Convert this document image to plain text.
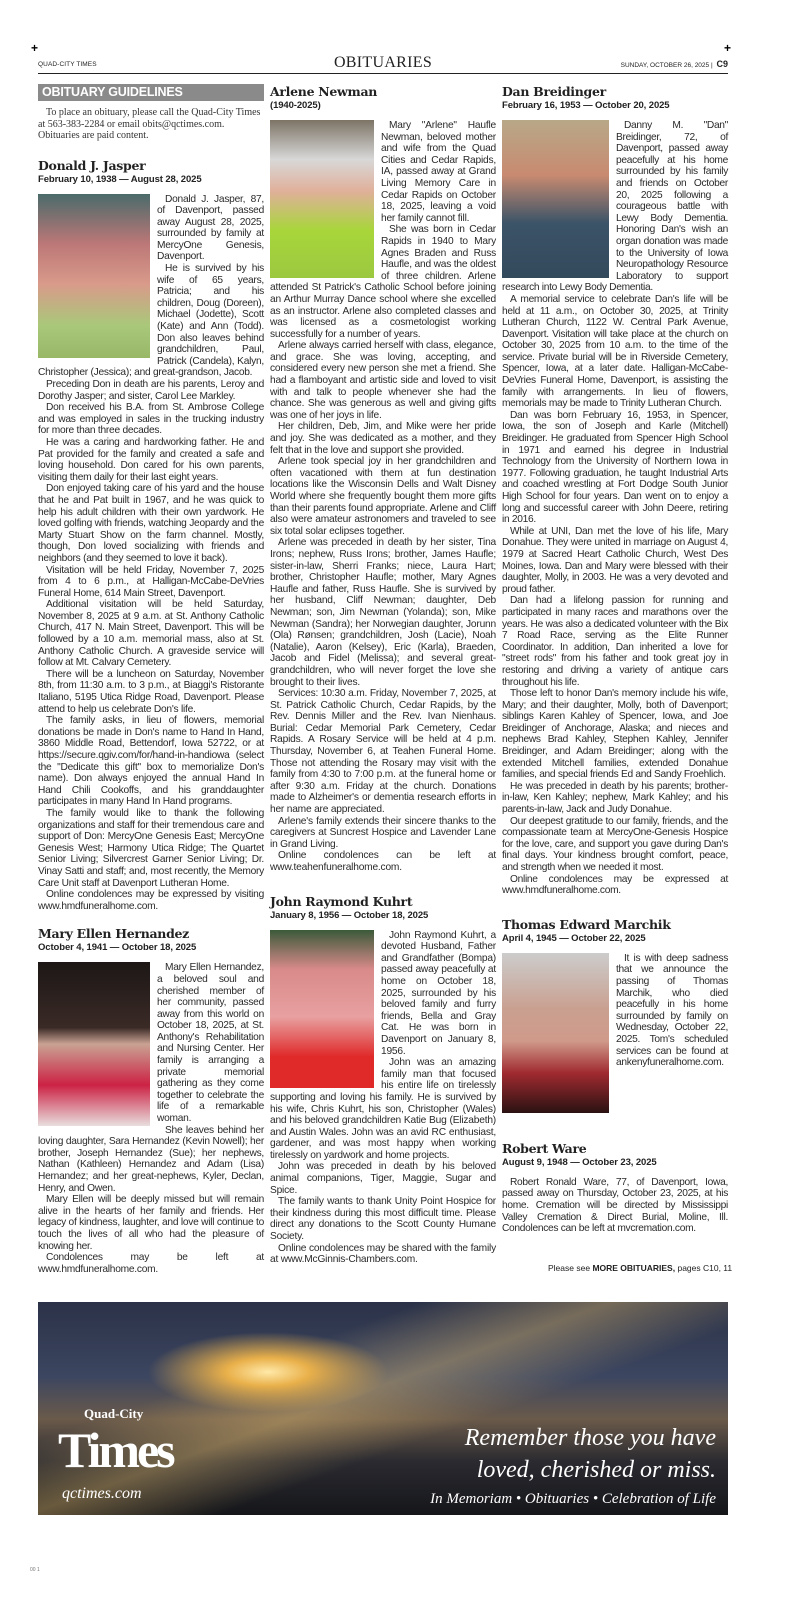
+	+
QUAD-CITY TIMES	OBITUARIES	SUNDAY, OCTOBER 26, 2025 | C9
OBITUARY GUIDELINES

To place an obituary, please call the Quad-City Times at 563-383-2284 or email obits@qctimes.com. Obituaries are paid content.

Donald J. Jasper
February 10, 1938 — August 28, 2025

Donald J. Jasper, 87, of Davenport, passed away August 28, 2025, surrounded by family at MercyOne Genesis, Davenport.

He is survived by his wife of 65 years, Patricia; and his children, Doug (Doreen), Michael (Jodette), Scott (Kate) and Ann (Todd). Don also leaves behind grandchildren, Paul, Patrick (Candela), Kalyn, Christopher (Jessica); and great-grandson, Jacob.

Preceding Don in death are his parents, Leroy and Dorothy Jasper; and sister, Carol Lee Markley.

Don received his B.A. from St. Ambrose College and was employed in sales in the trucking industry for more than three decades.

He was a caring and hardworking father. He and Pat provided for the family and created a safe and loving household. Don cared for his own parents, visiting them daily for their last eight years.

Don enjoyed taking care of his yard and the house that he and Pat built in 1967, and he was quick to help his adult children with their own yardwork. He loved golfing with friends, watching Jeopardy and the Marty Stuart Show on the farm channel. Mostly, though, Don loved socializing with friends and neighbors (and they seemed to love it back).

Visitation will be held Friday, November 7, 2025 from 4 to 6 p.m., at Halligan-McCabe-DeVries Funeral Home, 614 Main Street, Davenport.

Additional visitation will be held Saturday, November 8, 2025 at 9 a.m. at St. Anthony Catholic Church, 417 N. Main Street, Davenport. This will be followed by a 10 a.m. memorial mass, also at St. Anthony Catholic Church. A graveside service will follow at Mt. Calvary Cemetery.

There will be a luncheon on Saturday, November 8th, from 11:30 a.m. to 3 p.m., at Biaggi's Ristorante Italiano, 5195 Utica Ridge Road, Davenport. Please attend to help us celebrate Don's life.

The family asks, in lieu of flowers, memorial donations be made in Don's name to Hand In Hand, 3860 Middle Road, Bettendorf, Iowa 52722, or at https://secure.qgiv.com/for/hand-in-handiowa (select the "Dedicate this gift" box to memorialize Don's name). Don always enjoyed the annual Hand In Hand Chili Cookoffs, and his granddaughter participates in many Hand In Hand programs.

The family would like to thank the following organizations and staff for their tremendous care and support of Don: MercyOne Genesis East; MercyOne Genesis West; Harmony Utica Ridge; The Quartet Senior Living; Silvercrest Garner Senior Living; Dr. Vinay Satti and staff; and, most recently, the Memory Care Unit staff at Davenport Lutheran Home.

Online condolences may be expressed by visiting www.hmdfuneralhome.com.

Mary Ellen Hernandez
October 4, 1941 — October 18, 2025

Mary Ellen Hernandez, a beloved soul and cherished member of her community, passed away from this world on October 18, 2025, at St. Anthony's Rehabilitation and Nursing Center. Her family is arranging a private memorial gathering as they come together to celebrate the life of a remarkable woman.

She leaves behind her loving daughter, Sara Hernandez (Kevin Nowell); her brother, Joseph Hernandez (Sue); her nephews, Nathan (Kathleen) Hernandez and Adam (Lisa) Hernandez; and her great-nephews, Kyler, Declan, Henry, and Owen.

Mary Ellen will be deeply missed but will remain alive in the hearts of her family and friends. Her legacy of kindness, laughter, and love will continue to touch the lives of all who had the pleasure of knowing her.

Condolences may be left at www.hmdfuneralhome.com.

Arlene Newman
(1940-2025)

Mary "Arlene" Haufle Newman, beloved mother and wife from the Quad Cities and Cedar Rapids, IA, passed away at Grand Living Memory Care in Cedar Rapids on October 18, 2025, leaving a void her family cannot fill.

She was born in Cedar Rapids in 1940 to Mary Agnes Braden and Russ Haufle, and was the oldest of three children. Arlene attended St Patrick's Catholic School before joining an Arthur Murray Dance school where she excelled as an instructor. Arlene also completed classes and was licensed as a cosmetologist working successfully for a number of years.

Arlene always carried herself with class, elegance, and grace. She was loving, accepting, and considered every new person she met a friend. She had a flamboyant and artistic side and loved to visit with and talk to people whenever she had the chance. She was generous as well and giving gifts was one of her joys in life.

Her children, Deb, Jim, and Mike were her pride and joy. She was dedicated as a mother, and they felt that in the love and support she provided.

Arlene took special joy in her grandchildren and often vacationed with them at fun destination locations like the Wisconsin Dells and Walt Disney World where she frequently bought them more gifts than their parents found appropriate. Arlene and Cliff also were amateur astronomers and traveled to see six total solar eclipses together.

Arlene was preceded in death by her sister, Tina Irons; nephew, Russ Irons; brother, James Haufle; sister-in-law, Sherri Franks; niece, Laura Hart; brother, Christopher Haufle; mother, Mary Agnes Haufle and father, Russ Haufle. She is survived by her husband, Cliff Newman; daughter, Deb Newman; son, Jim Newman (Yolanda); son, Mike Newman (Sandra); her Norwegian daughter, Jorunn (Ola) Rønsen; grandchildren, Josh (Lacie), Noah (Natalie), Aaron (Kelsey), Eric (Karla), Braeden, Jacob and Fidel (Melissa); and several great-grandchildren, who will never forget the love she brought to their lives.

Services: 10:30 a.m. Friday, November 7, 2025, at St. Patrick Catholic Church, Cedar Rapids, by the Rev. Dennis Miller and the Rev. Ivan Nienhaus. Burial: Cedar Memorial Park Cemetery, Cedar Rapids. A Rosary Service will be held at 4 p.m. Thursday, November 6, at Teahen Funeral Home. Those not attending the Rosary may visit with the family from 4:30 to 7:00 p.m. at the funeral home or after 9:30 a.m. Friday at the church. Donations made to Alzheimer's or dementia research efforts in her name are appreciated.

Arlene's family extends their sincere thanks to the caregivers at Suncrest Hospice and Lavender Lane in Grand Living.

Online condolences can be left at www.teahenfuneralhome.com.

John Raymond Kuhrt
January 8, 1956 — October 18, 2025

John Raymond Kuhrt, a devoted Husband, Father and Grandfather (Bompa) passed away peacefully at home on October 18, 2025, surrounded by his beloved family and furry friends, Bella and Gray Cat. He was born in Davenport on January 8, 1956.

John was an amazing family man that focused his entire life on tirelessly supporting and loving his family. He is survived by his wife, Chris Kuhrt, his son, Christopher (Wales) and his beloved grandchildren Katie Bug (Elizabeth) and Austin Wales. John was an avid RC enthusiast, gardener, and was most happy when working tirelessly on yardwork and home projects.

John was preceded in death by his beloved animal companions, Tiger, Maggie, Sugar and Spice.

The family wants to thank Unity Point Hospice for their kindness during this most difficult time. Please direct any donations to the Scott County Humane Society.

Online condolences may be shared with the family at www.McGinnis-Chambers.com.

Dan Breidinger
February 16, 1953 — October 20, 2025

Danny M. "Dan" Breidinger, 72, of Davenport, passed away peacefully at his home surrounded by his family and friends on October 20, 2025 following a courageous battle with Lewy Body Dementia. Honoring Dan's wish an organ donation was made to the University of Iowa Neuropathology Resource Laboratory to support research into Lewy Body Dementia.

A memorial service to celebrate Dan's life will be held at 11 a.m., on October 30, 2025, at Trinity Lutheran Church, 1122 W. Central Park Avenue, Davenport. Visitation will take place at the church on October 30, 2025 from 10 a.m. to the time of the service. Private burial will be in Riverside Cemetery, Spencer, Iowa, at a later date. Halligan-McCabe-DeVries Funeral Home, Davenport, is assisting the family with arrangements. In lieu of flowers, memorials may be made to Trinity Lutheran Church.

Dan was born February 16, 1953, in Spencer, Iowa, the son of Joseph and Karle (Mitchell) Breidinger. He graduated from Spencer High School in 1971 and earned his degree in Industrial Technology from the University of Northern Iowa in 1977. Following graduation, he taught Industrial Arts and coached wrestling at Fort Dodge South Junior High School for four years. Dan went on to enjoy a long and successful career with John Deere, retiring in 2016.

While at UNI, Dan met the love of his life, Mary Donahue. They were united in marriage on August 4, 1979 at Sacred Heart Catholic Church, West Des Moines, Iowa. Dan and Mary were blessed with their daughter, Molly, in 2003. He was a very devoted and proud father.

Dan had a lifelong passion for running and participated in many races and marathons over the years. He was also a dedicated volunteer with the Bix 7 Road Race, serving as the Elite Runner Coordinator. In addition, Dan inherited a love for "street rods" from his father and took great joy in restoring and driving a variety of antique cars throughout his life.

Those left to honor Dan's memory include his wife, Mary; and their daughter, Molly, both of Davenport; siblings Karen Kahley of Spencer, Iowa, and Joe Breidinger of Anchorage, Alaska; and nieces and nephews Brad Kahley, Stephen Kahley, Jennifer Breidinger, and Adam Breidinger; along with the extended Mitchell families, extended Donahue families, and special friends Ed and Sandy Froehlich.

He was preceded in death by his parents; brother-in-law, Ken Kahley; nephew, Mark Kahley; and his parents-in-law, Jack and Judy Donahue.

Our deepest gratitude to our family, friends, and the compassionate team at MercyOne-Genesis Hospice for the love, care, and support you gave during Dan's final days. Your kindness brought comfort, peace, and strength when we needed it most.

Online condolences may be expressed at www.hmdfuneralhome.com.

Thomas Edward Marchik
April 4, 1945 — October 22, 2025

It is with deep sadness that we announce the passing of Thomas Marchik, who died peacefully in his home surrounded by family on Wednesday, October 22, 2025. Tom's scheduled services can be found at ankenyfuneralhome.com.

Robert Ware
August 9, 1948 — October 23, 2025

Robert Ronald Ware, 77, of Davenport, Iowa, passed away on Thursday, October 23, 2025, at his home. Cremation will be directed by Mississippi Valley Cremation & Direct Burial, Moline, Ill. Condolences can be left at mvcremation.com.

Please see MORE OBITUARIES, pages C10, 11
Quad-City
Times
qctimes.com
Remember those you have
loved, cherished or miss.
In Memoriam • Obituaries • Celebration of Life
00 1
